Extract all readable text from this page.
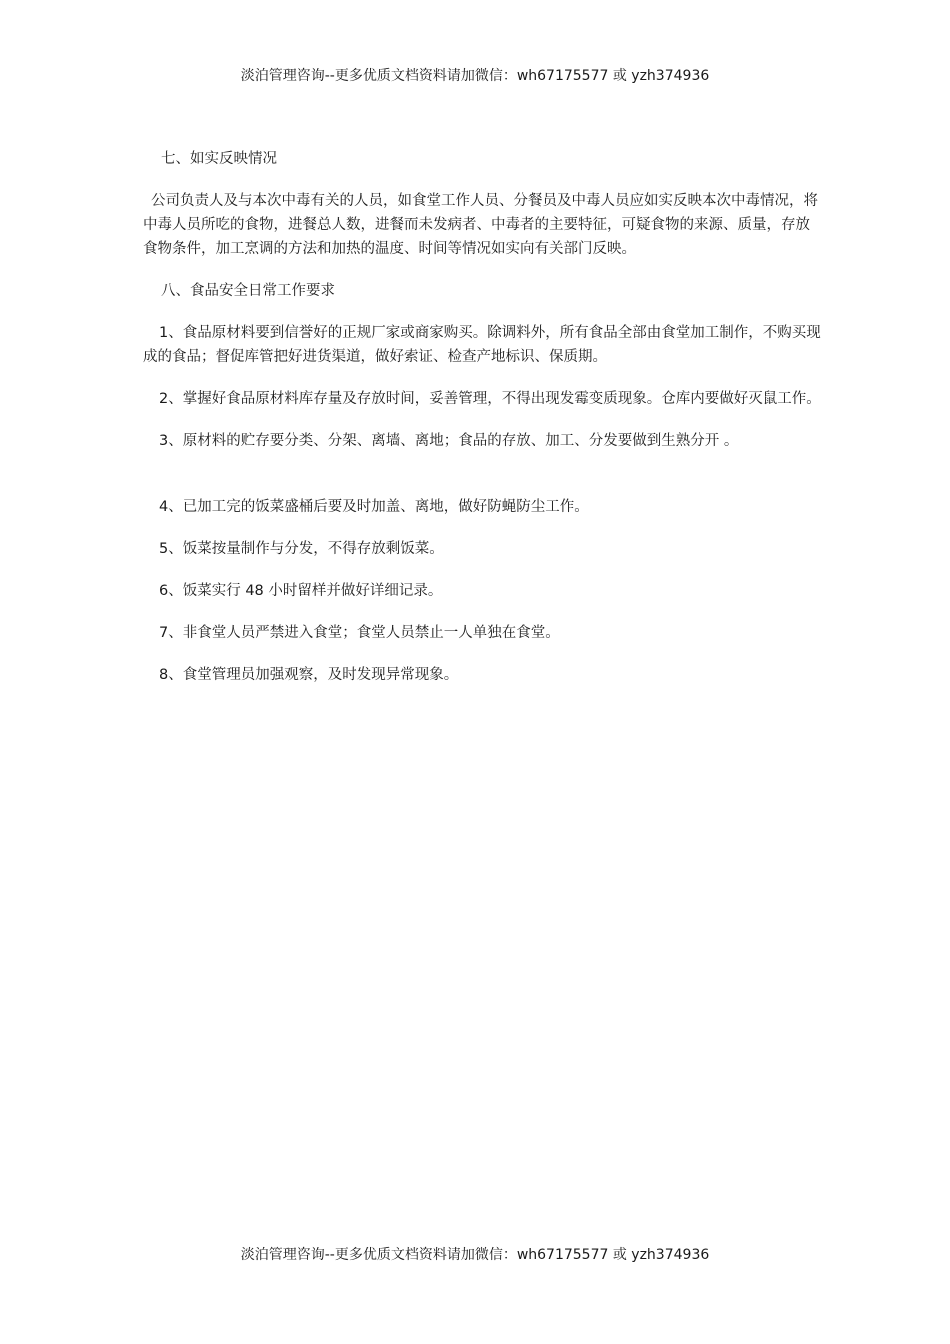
淡泊管理咨询--更多优质文档资料请加微信：wh67175577 或 yzh374936
七、如实反映情况

公司负责人及与本次中毒有关的人员，如食堂工作人员、分餐员及中毒人员应如实反映本次中毒情况，将中毒人员所吃的食物，进餐总人数，进餐而未发病者、中毒者的主要特征，可疑食物的来源、质量，存放食物条件，加工烹调的方法和加热的温度、时间等情况如实向有关部门反映。

八、食品安全日常工作要求

1、食品原材料要到信誉好的正规厂家或商家购买。除调料外，所有食品全部由食堂加工制作，不购买现成的食品；督促库管把好进货渠道，做好索证、检查产地标识、保质期。

2、掌握好食品原材料库存量及存放时间，妥善管理，不得出现发霉变质现象。仓库内要做好灭鼠工作。

3、原材料的贮存要分类、分架、离墙、离地；食品的存放、加工、分发要做到生熟分开 。

4、已加工完的饭菜盛桶后要及时加盖、离地，做好防蝇防尘工作。

5、饭菜按量制作与分发，不得存放剩饭菜。

6、饭菜实行 48 小时留样并做好详细记录。

7、非食堂人员严禁进入食堂；食堂人员禁止一人单独在食堂。

8、食堂管理员加强观察，及时发现异常现象。

淡泊管理咨询--更多优质文档资料请加微信：wh67175577 或 yzh374936
